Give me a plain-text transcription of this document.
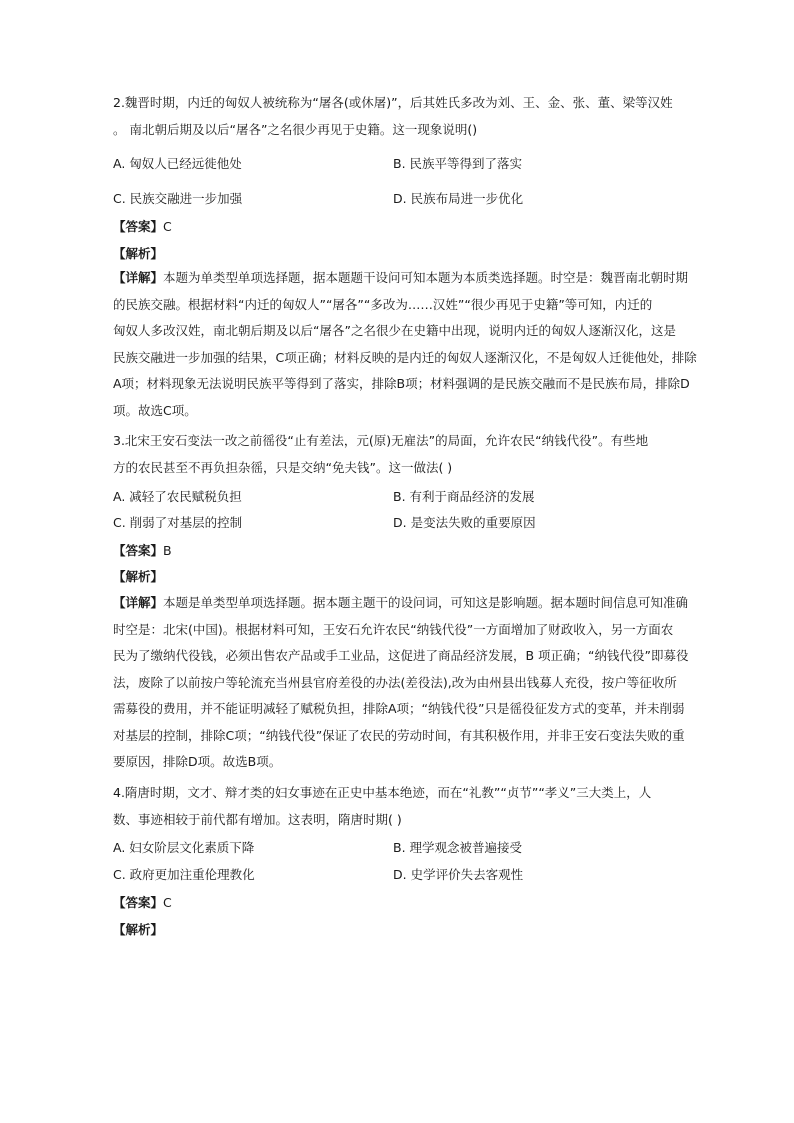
2.魏晋时期，内迁的匈奴人被统称为“屠各(或休屠)”，后其姓氏多改为刘、王、金、张、董、梁等汉姓
。 南北朝后期及以后“屠各”之名很少再见于史籍。这一现象说明()
A. 匈奴人已经远徙他处	B. 民族平等得到了落实
C. 民族交融进一步加强	D. 民族布局进一步优化
【答案】C
【解析】
【详解】本题为单类型单项选择题，据本题题干设问可知本题为本质类选择题。时空是：魏晋南北朝时期
的民族交融。根据材料“内迁的匈奴人”“屠各”“多改为……汉姓”“很少再见于史籍”等可知，内迁的
匈奴人多改汉姓，南北朝后期及以后“屠各”之名很少在史籍中出现，说明内迁的匈奴人逐渐汉化，这是
民族交融进一步加强的结果，C项正确；材料反映的是内迁的匈奴人逐渐汉化，不是匈奴人迁徙他处，排除
A项；材料现象无法说明民族平等得到了落实，排除B项；材料强调的是民族交融而不是民族布局，排除D
项。故选C项。
3.北宋王安石变法一改之前徭役“止有差法，元(原)无雇法”的局面，允许农民“纳钱代役”。有些地
方的农民甚至不再负担杂徭，只是交纳“免夫钱”。这一做法( )
A. 减轻了农民赋税负担	B. 有利于商品经济的发展
C. 削弱了对基层的控制	D. 是变法失败的重要原因
【答案】B
【解析】
【详解】本题是单类型单项选择题。据本题主题干的设问词，可知这是影响题。据本题时间信息可知准确
时空是：北宋(中国)。根据材料可知，王安石允许农民“纳钱代役”一方面增加了财政收入，另一方面农
民为了缴纳代役钱，必须出售农产品或手工业品，这促进了商品经济发展，B 项正确；“纳钱代役”即募役
法，废除了以前按户等轮流充当州县官府差役的办法(差役法),改为由州县出钱募人充役，按户等征收所
需募役的费用，并不能证明减轻了赋税负担，排除A项；“纳钱代役”只是徭役征发方式的变革，并未削弱
对基层的控制，排除C项；“纳钱代役”保证了农民的劳动时间，有其积极作用，并非王安石变法失败的重
要原因，排除D项。故选B项。
4.隋唐时期，文才、辩才类的妇女事迹在正史中基本绝迹，而在“礼教”“贞节”“孝义”三大类上，人
数、事迹相较于前代都有增加。这表明，隋唐时期( )
A. 妇女阶层文化素质下降	B. 理学观念被普遍接受
C. 政府更加注重伦理教化	D. 史学评价失去客观性
【答案】C
【解析】
